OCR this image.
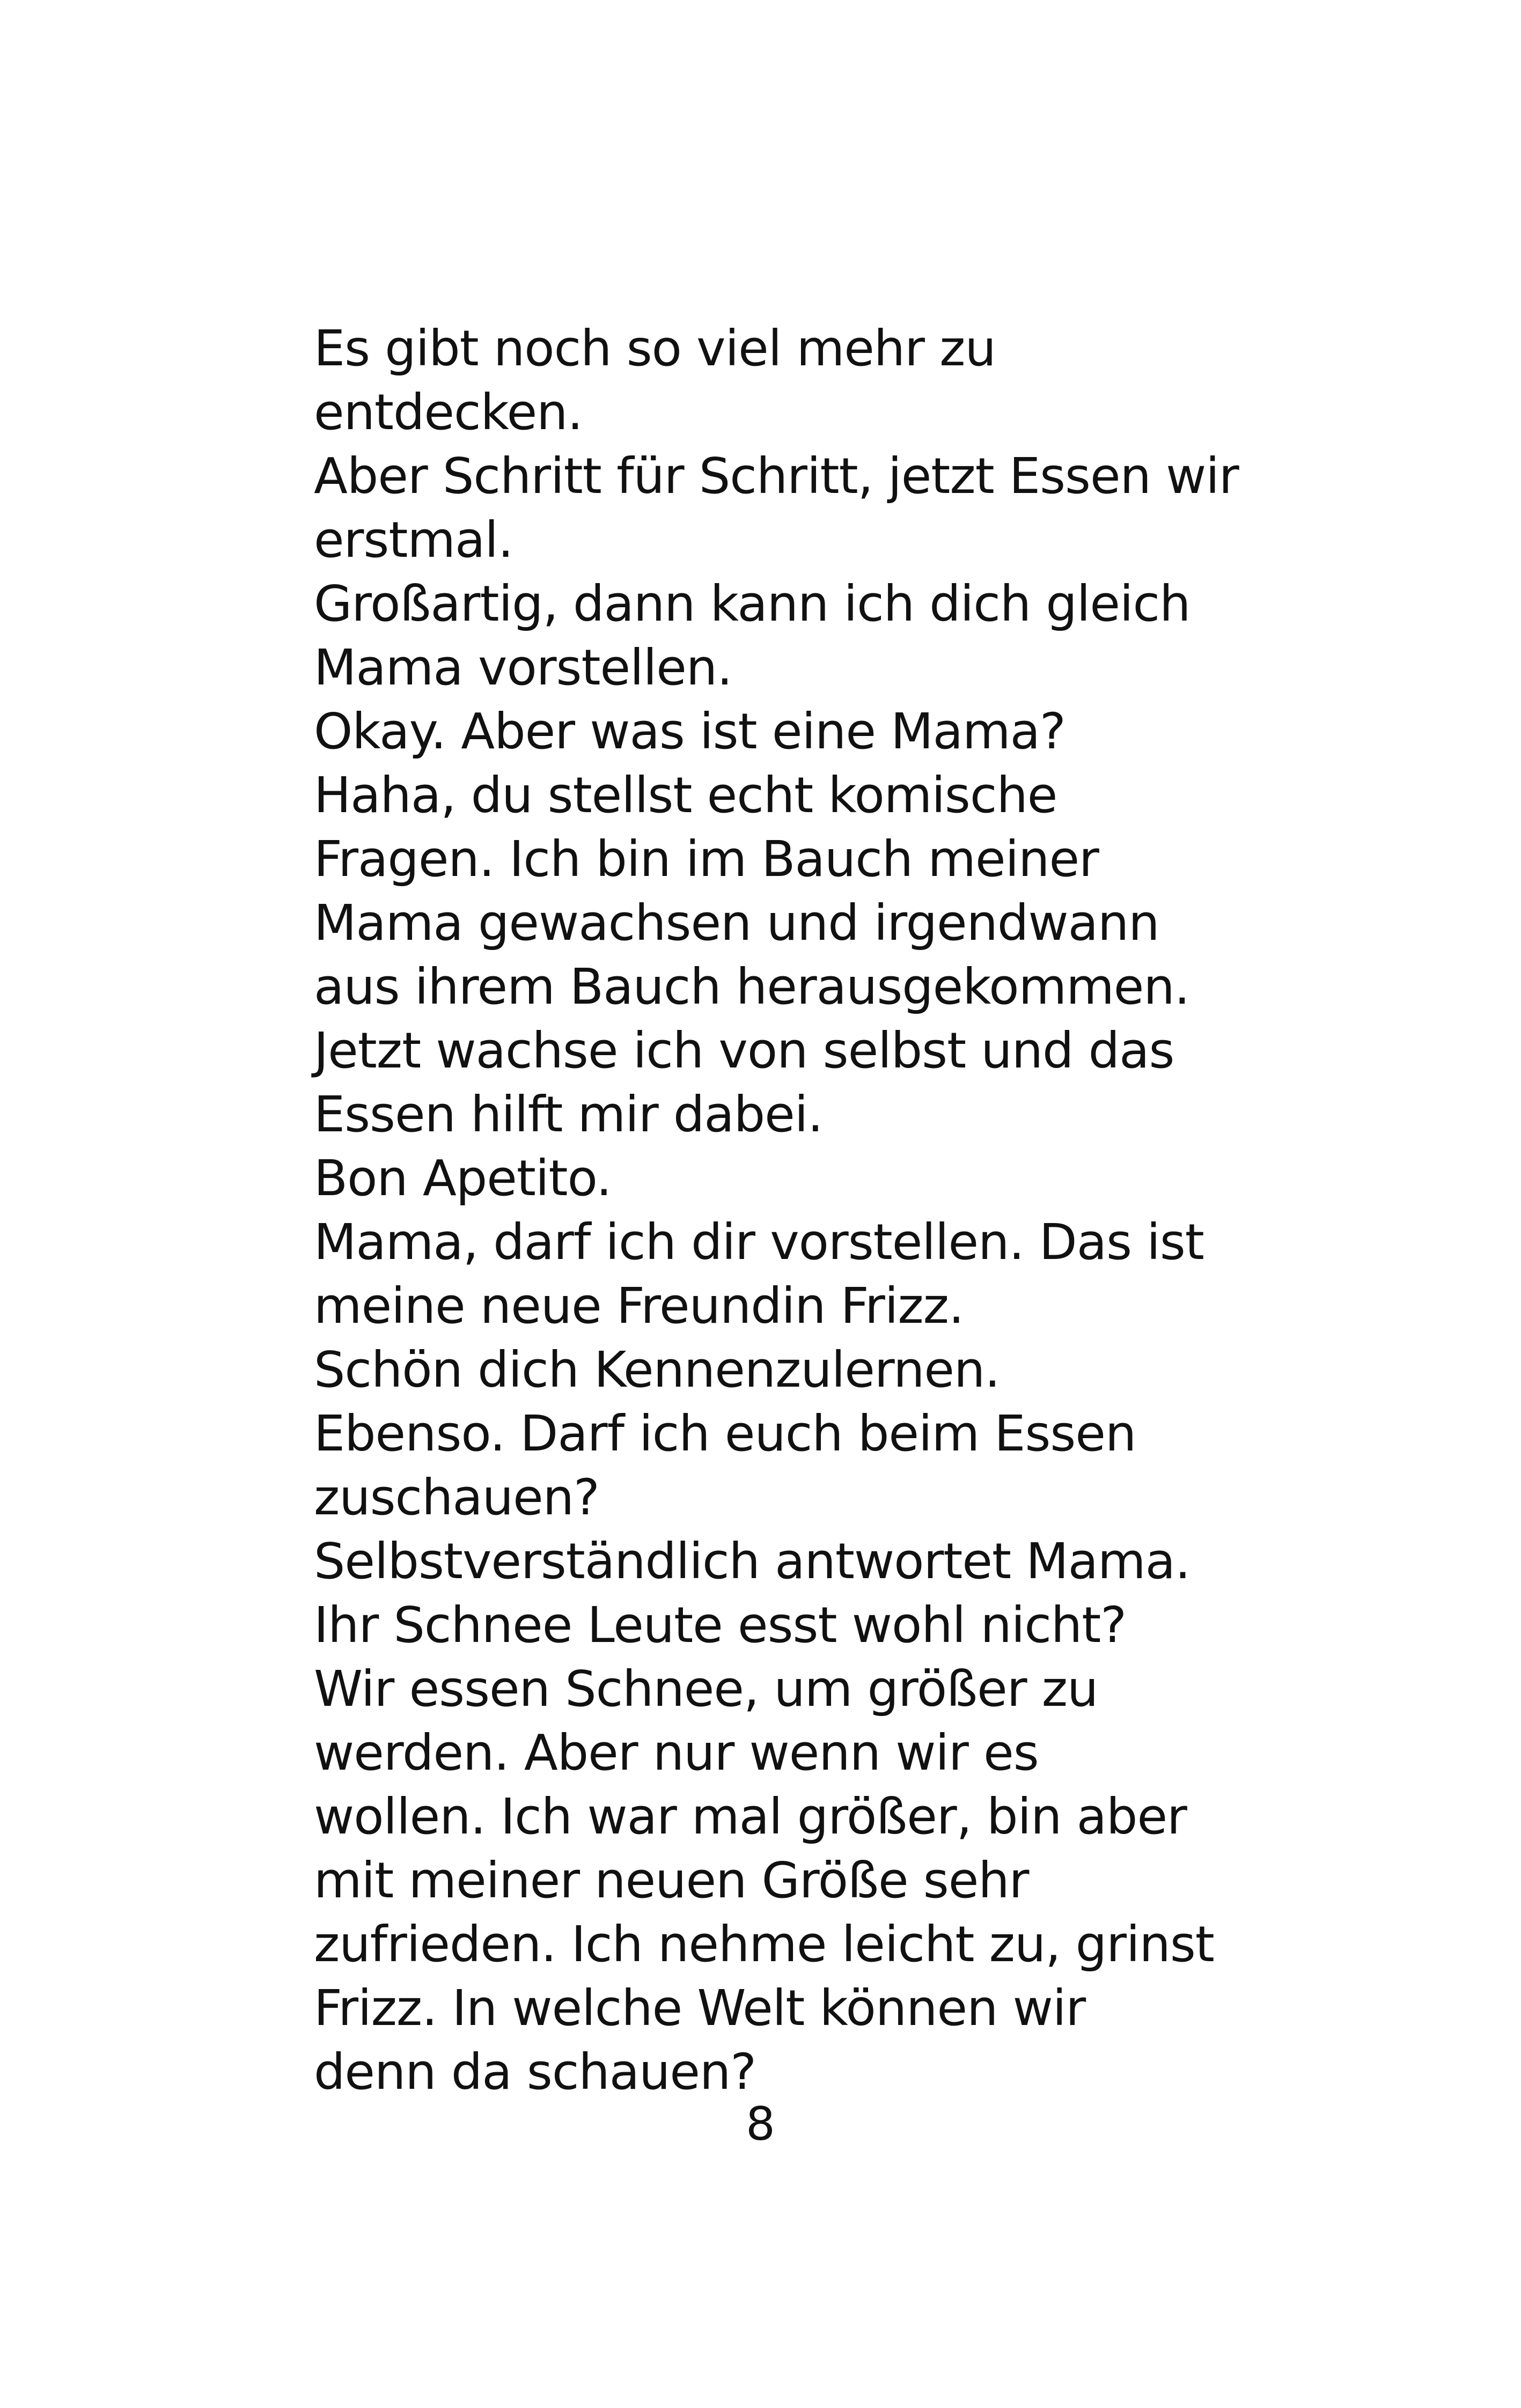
Es gibt noch so viel mehr zu
entdecken.
Aber Schritt für Schritt, jetzt Essen wir
erstmal.
Großartig, dann kann ich dich gleich
Mama vorstellen.
Okay. Aber was ist eine Mama?
Haha, du stellst echt komische
Fragen. Ich bin im Bauch meiner
Mama gewachsen und irgendwann
aus ihrem Bauch herausgekommen.
Jetzt wachse ich von selbst und das
Essen hilft mir dabei.
Bon Apetito.
Mama, darf ich dir vorstellen. Das ist
meine neue Freundin Frizz.
Schön dich Kennenzulernen.
Ebenso. Darf ich euch beim Essen
zuschauen?
Selbstverständlich antwortet Mama.
Ihr Schnee Leute esst wohl nicht?
Wir essen Schnee, um größer zu
werden. Aber nur wenn wir es
wollen. Ich war mal größer, bin aber
mit meiner neuen Größe sehr
zufrieden. Ich nehme leicht zu, grinst
Frizz. In welche Welt können wir
denn da schauen?
8
